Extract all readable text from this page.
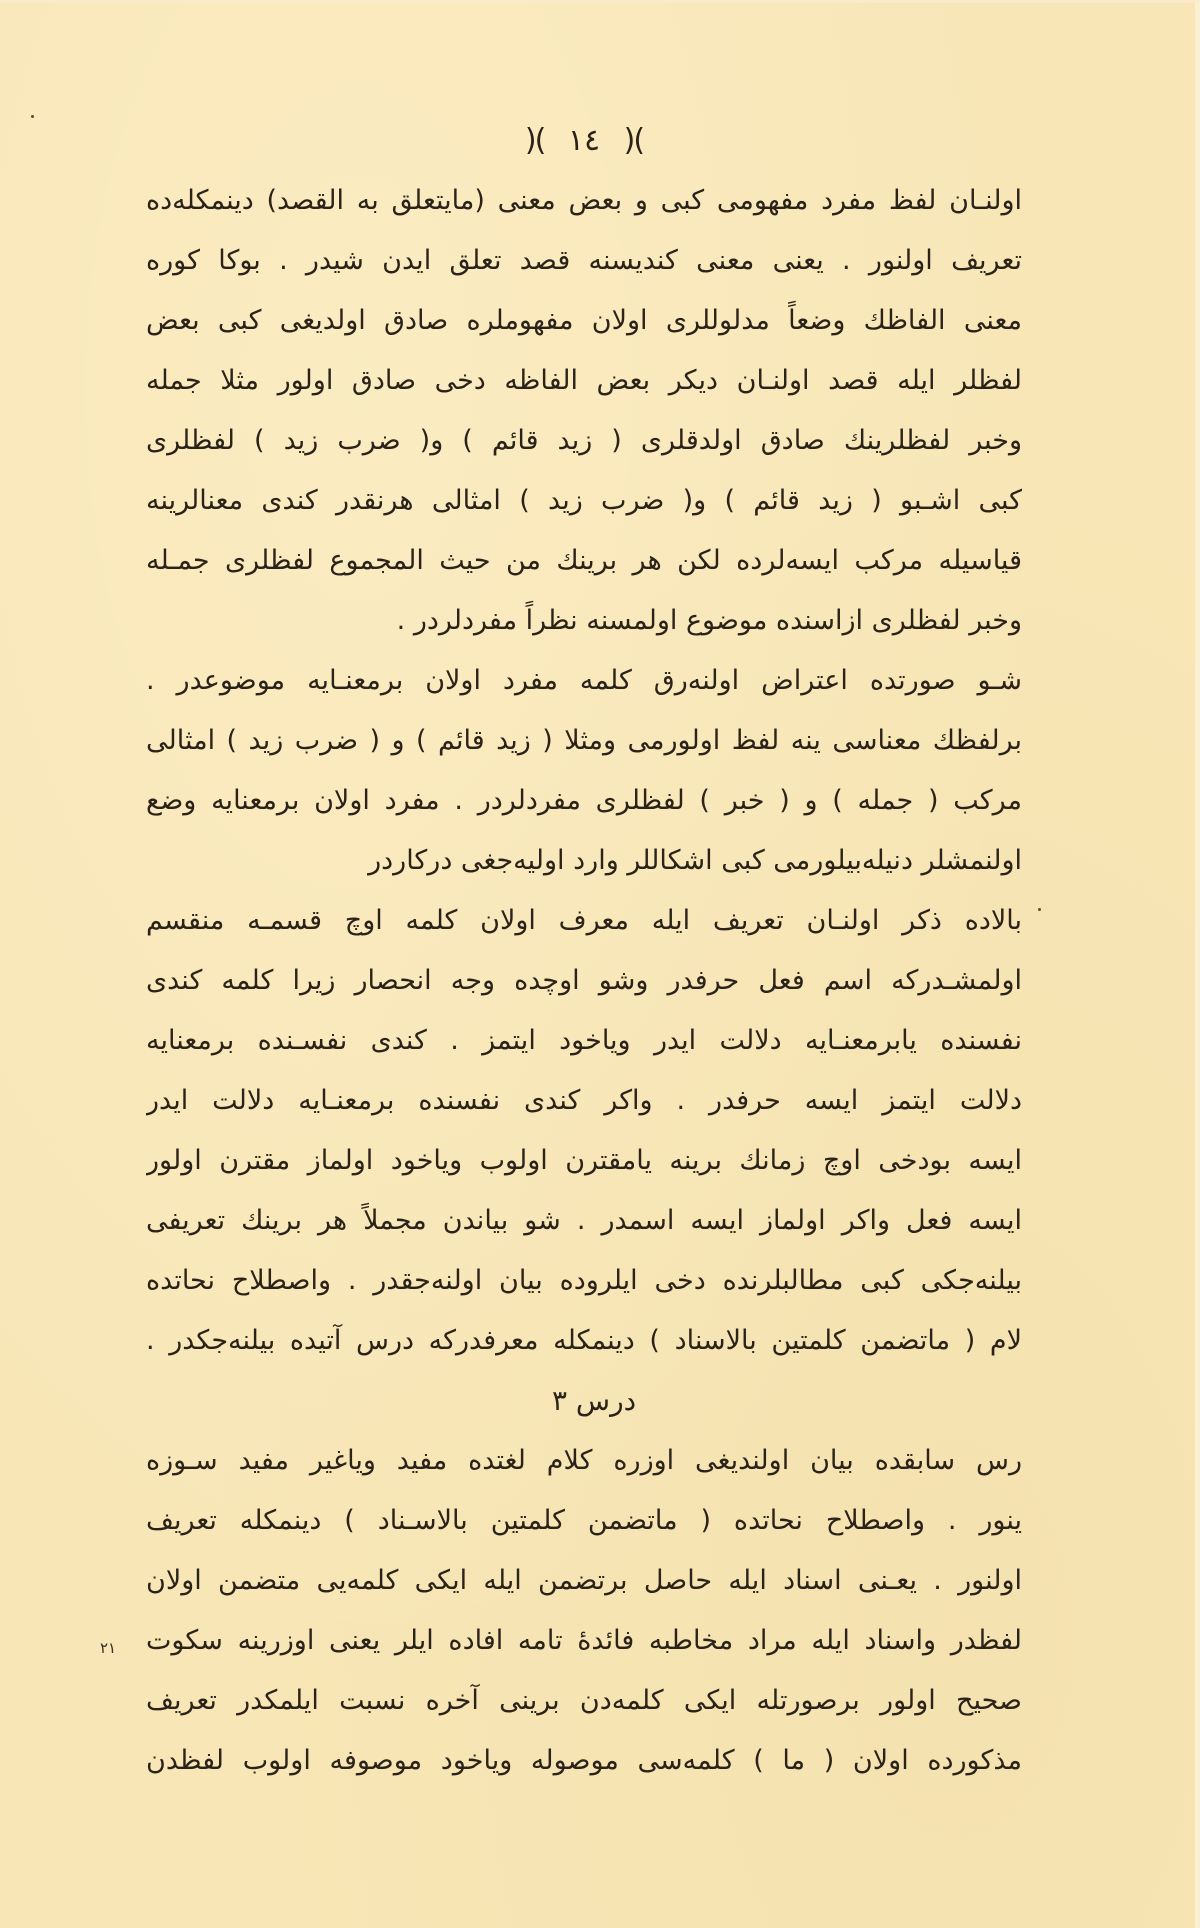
)( ١٤ )(
اولنـان لفظ مفرد مفهومى كبى و بعض معنى (مايتعلق به القصد) دينمكله‌ده
تعريف اولنور . يعنى معنى كنديسنه قصد تعلق ايدن شيدر . بوكا كوره
معنى الفاظك وضعاً مدلوللرى اولان مفهوملره صادق اولديغى كبى بعض
لفظلر ايله قصد اولنـان ديكر بعض الفاظه دخى صادق اولور مثلا جمله
وخبر لفظلرينك صادق اولدقلرى ( زيد قائم ) و( ضرب زيد ) لفظلرى
كبى اشـبو ( زيد قائم ) و( ضرب زيد ) امثالى هرنقدر كندى معنالرينه
قياسيله مركب ايسه‌لرده لكن هر برينك من حيث المجموع لفظلرى جمـله
وخبر لفظلرى ازاسنده موضوع اولمسنه نظراً مفردلردر .
شـو صورتده اعتراض اولنه‌رق كلمه مفرد اولان برمعنـايه موضوعدر .
برلفظك معناسى ينه لفظ اولورمى ومثلا ( زيد قائم ) و ( ضرب زيد ) امثالى
مركب ( جمله ) و ( خبر ) لفظلرى مفردلردر . مفرد اولان برمعنايه وضع
اولنمشلر دنيله‌بيلورمى كبى اشكاللر وارد اوليه‌جغى دركاردر
بالاده ذكر اولنـان تعريف ايله معرف اولان كلمه اوچ قسمـه منقسم
اولمشـدركه اسم فعل حرفدر وشو اوچده وجه انحصار زيرا كلمه كندى
نفسنده يابرمعنـايه دلالت ايدر وياخود ايتمز . كندى نفسـنده برمعنايه
دلالت ايتمز ايسه حرفدر . واكر كندى نفسنده برمعنـايه دلالت ايدر
ايسه بودخى اوچ زمانك برينه يامقترن اولوب وياخود اولماز مقترن اولور
ايسه فعل واكر اولماز ايسه اسمدر . شو بياندن مجملاً هر برينك تعريفى
بيلنه‌جكى كبى مطالبلرنده دخى ايلروده بيان اولنه‌جقدر . واصطلاح نحاتده
لام ( ماتضمن كلمتين بالاسناد ) دينمكله معرفدركه درس آتيده بيلنه‌جكدر .
درس ٣
رس سابقده بيان اولنديغى اوزره كلام لغتده مفيد وياغير مفيد سـوزه
ينور . واصطلاح نحاتده ( ماتضمن كلمتين بالاسـناد ) دينمكله تعريف
اولنور . يعـنى اسناد ايله حاصل برتضمن ايله ايكى كلمه‌يى متضمن اولان
لفظدر واسناد ايله مراد مخاطبه فائدهٔ تامه افاده ايلر يعنى اوزرينه سكوت
صحيح اولور برصورتله ايكى كلمه‌دن برينى آخره نسبت ايلمكدر تعريف
مذكورده اولان ( ما ) كلمه‌سى موصوله وياخود موصوفه اولوب لفظدن
٢١
